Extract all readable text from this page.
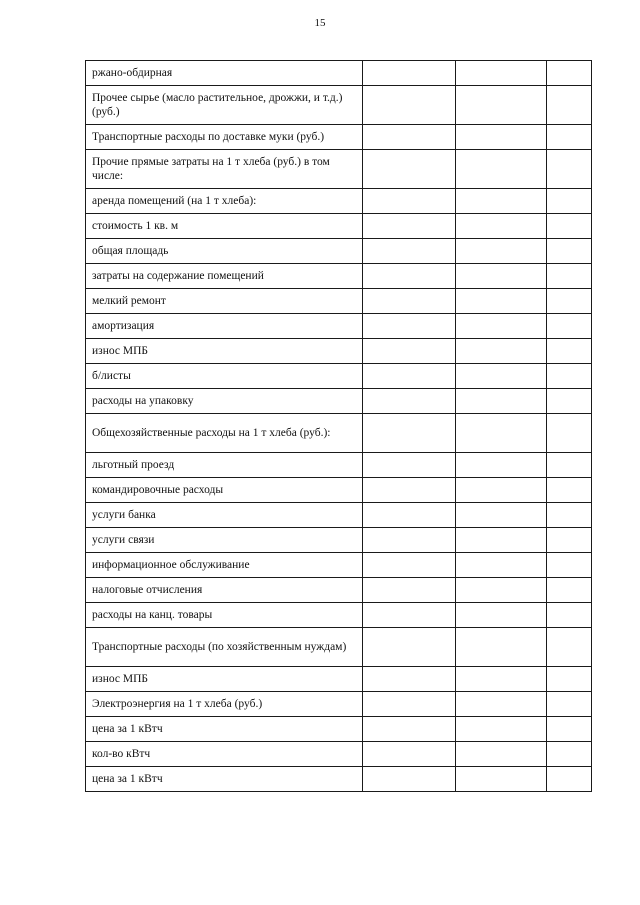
15
ржано-обдирная			
Прочее сырье (масло растительное, дрожжи, и т.д.) (руб.)			
Транспортные расходы по доставке муки (руб.)			
Прочие прямые затраты на 1 т хлеба (руб.) в том числе:			
аренда помещений (на 1 т хлеба):			
стоимость 1 кв. м			
общая площадь			
затраты на содержание помещений			
мелкий ремонт			
амортизация			
износ МПБ			
б/листы			
расходы на упаковку			
Общехозяйственные расходы на 1 т хлеба (руб.):			
льготный проезд			
командировочные расходы			
услуги банка			
услуги связи			
информационное обслуживание			
налоговые отчисления			
расходы на канц. товары			
Транспортные расходы (по хозяйственным нуждам)			
износ МПБ			
Электроэнергия на 1 т хлеба (руб.)			
цена за 1 кВтч			
кол-во кВтч			
цена за 1 кВтч			
